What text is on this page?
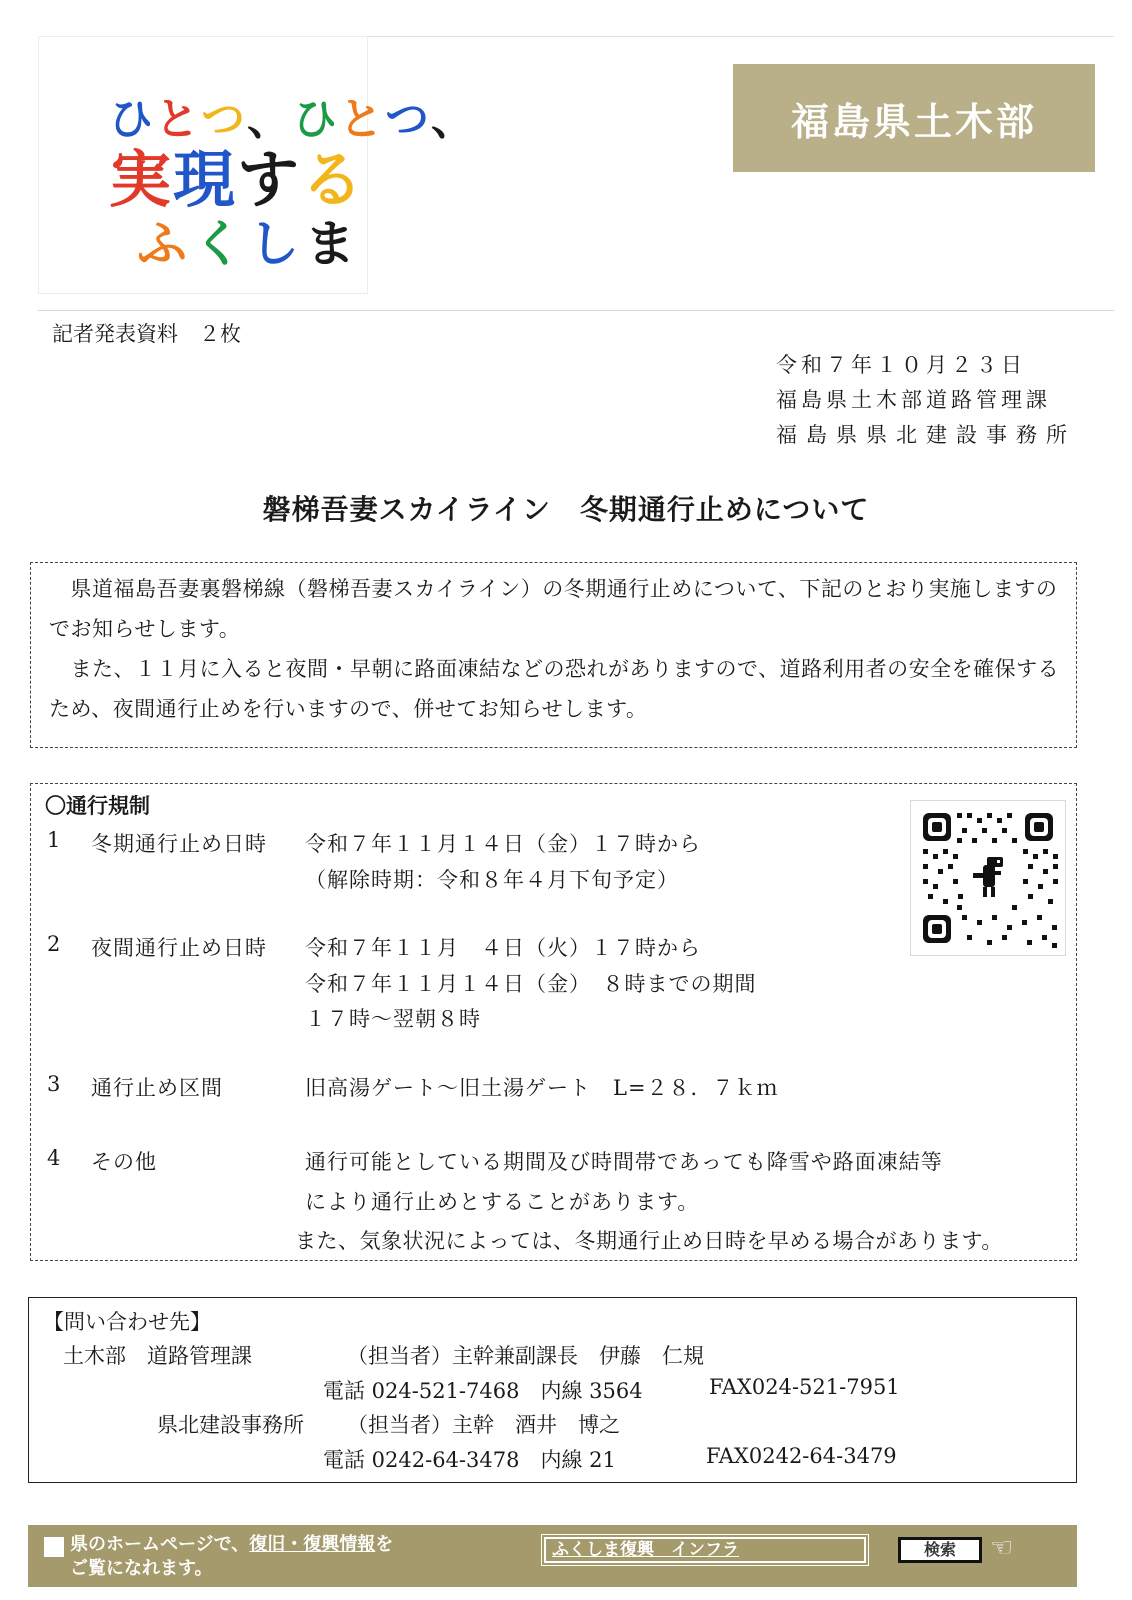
ひとつ、ひとつ、
実現する
ふくしま
福島県土木部
記者発表資料　２枚
令和７年１０月２３日
福島県土木部道路管理課
福島県県北建設事務所
磐梯吾妻スカイライン　冬期通行止めについて

　県道福島吾妻裏磐梯線（磐梯吾妻スカイライン）の冬期通行止めについて、下記のとおり実施しますのでお知らせします。

　また、１１月に入ると夜間・早朝に路面凍結などの恐れがありますので、道路利用者の安全を確保するため、夜間通行止めを行いますので、併せてお知らせします。

〇通行規制
1 冬期通行止め日時 令和７年１１月１４日（金）１７時から
（解除時期：令和８年４月下旬予定）
2 夜間通行止め日時 令和７年１１月　４日（火）１７時から
令和７年１１月１４日（金）　８時までの期間
１７時～翌朝８時
3 通行止め区間	旧高湯ゲート～旧土湯ゲート　L=２８．７ｋｍ
4 その他	通行可能としている期間及び時間帯であっても降雪や路面凍結等
により通行止めとすることがあります。
また、気象状況によっては、冬期通行止め日時を早める場合があります。
【問い合わせ先】
土木部　道路管理課	（担当者）主幹兼副課長　伊藤　仁規
電話 024-521-7468　内線 3564	FAX024-521-7951
県北建設事務所 （担当者）主幹　酒井　博之
電話 0242-64-3478　内線 21	FAX0242-64-3479
県のホームページで、復旧・復興情報を
ご覧になれます。
ふくしま復興　インフラ	検索	☜
